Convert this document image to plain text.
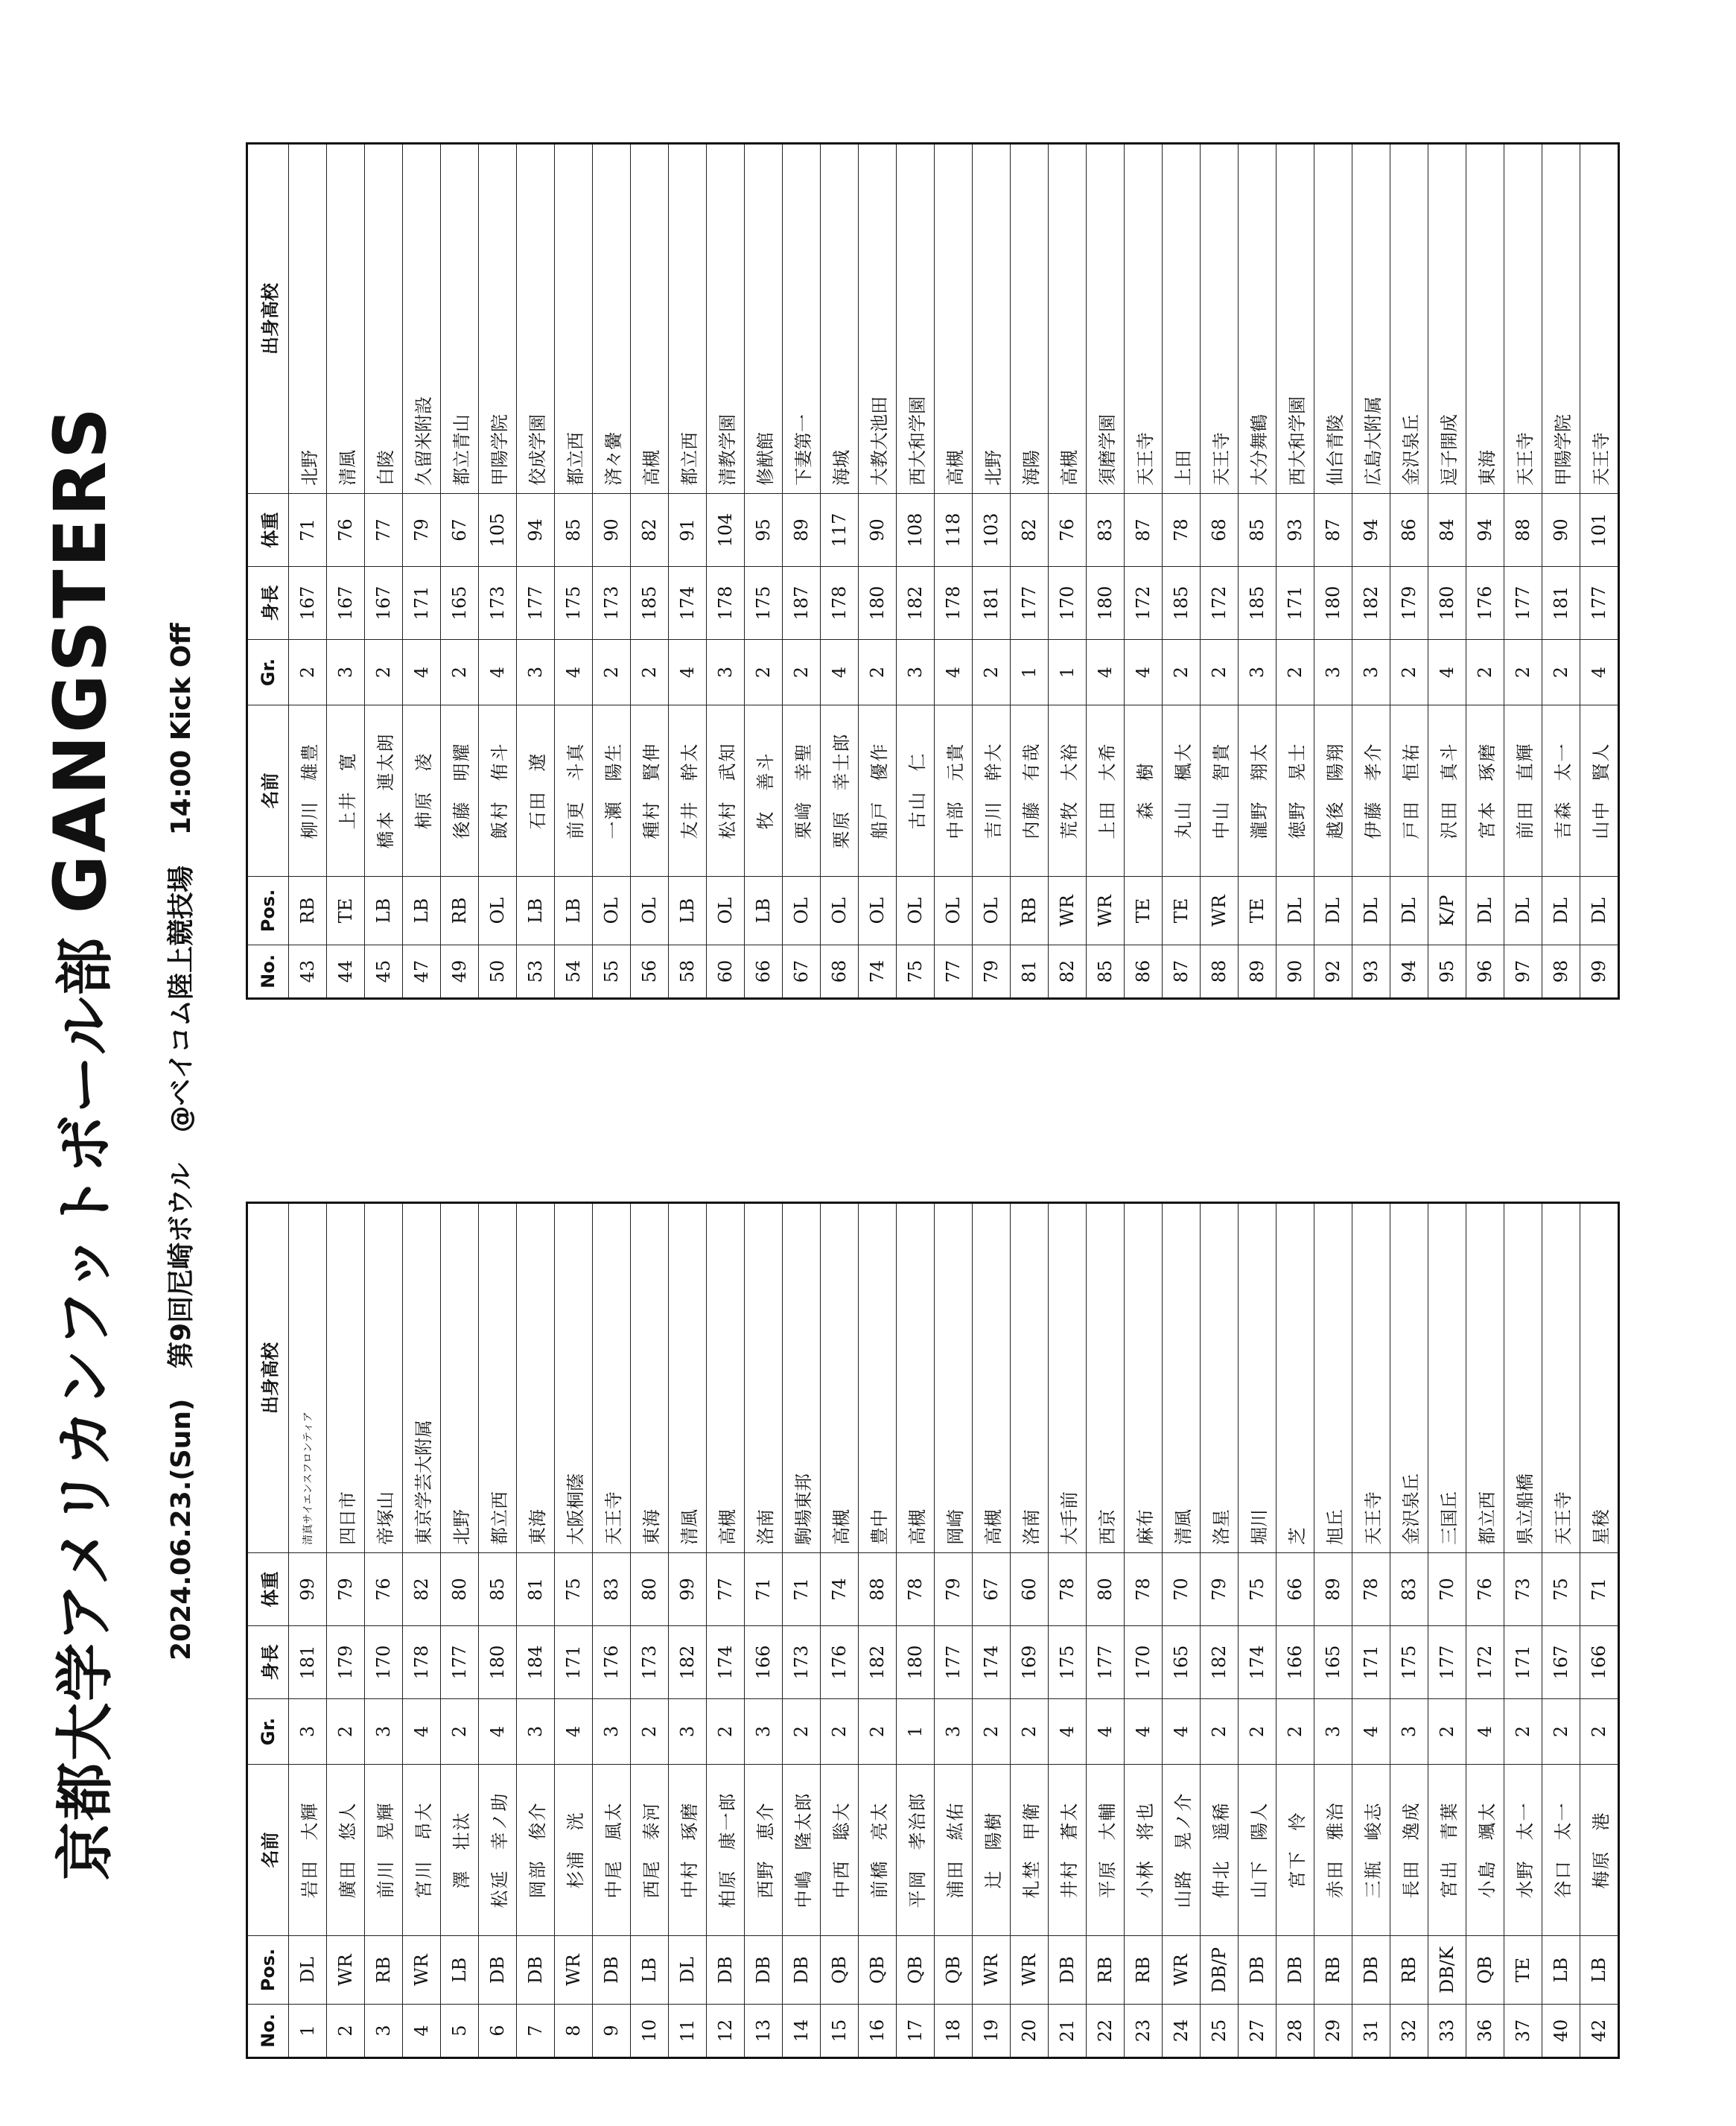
京都大学アメリカンフットボール部GANGSTERS
2024.06.23.(Sun) 第9回尼崎ボウル @ベイコム陸上競技場 14:00 Kick Off
No.	Pos.	名前	Gr.	身長	体重	出身高校
1	DL	岩田　大輝	3	181	99	清真サイエンスフロンティア
2	WR	廣田　悠人	2	179	79	四日市
3	RB	前川　晃輝	3	170	76	帝塚山
4	WR	宮川　昂大	4	178	82	東京学芸大附属
5	LB	澤　壮汰	2	177	80	北野
6	DB	松延　幸ノ助	4	180	85	都立西
7	DB	岡部　俊介	3	184	81	東海
8	WR	杉浦　洸	4	171	75	大阪桐蔭
9	DB	中尾　風太	3	176	83	天王寺
10	LB	西尾　泰河	2	173	80	東海
11	DL	中村　琢磨	3	182	99	清風
12	DB	柏原　康一郎	2	174	77	高槻
13	DB	西野　恵介	3	166	71	洛南
14	DB	中嶋　隆太郎	2	173	71	駒場東邦
15	QB	中西　聡大	2	176	74	高槻
16	QB	前橋　亮太	2	182	88	豊中
17	QB	平岡　孝治郎	1	180	78	高槻
18	QB	浦田　紘佑	3	177	79	岡崎
19	WR	辻　陽樹	2	174	67	高槻
20	WR	札埜　甲衛	2	169	60	洛南
21	DB	井村　蒼太	4	175	78	大手前
22	RB	平原　大輔	4	177	80	西京
23	RB	小林　将也	4	170	78	麻布
24	WR	山路　晃ノ介	4	165	70	清風
25	DB/P	仲北　遥稀	2	182	79	洛星
27	DB	山下　陽人	2	174	75	堀川
28	DB	宮下　怜	2	166	66	芝
29	RB	赤田　雅治	3	165	89	旭丘
31	DB	三瓶　峻志	4	171	78	天王寺
32	RB	長田　逸成	3	175	83	金沢泉丘
33	DB/K	宮出　青葉	2	177	70	三国丘
36	QB	小島　颯太	4	172	76	都立西
37	TE	水野　太一	2	171	73	県立船橋
40	LB	谷口　太一	2	167	75	天王寺
42	LB	梅原　港	2	166	71	星稜
No.	Pos.	名前	Gr.	身長	体重	出身高校
43	RB	柳川　雄豊	2	167	71	北野
44	TE	上井　寛	3	167	76	清風
45	LB	橋本　連太朗	2	167	77	白陵
47	LB	柿原　凌	4	171	79	久留米附設
49	RB	後藤　明耀	2	165	67	都立青山
50	OL	飯村　侑斗	4	173	105	甲陽学院
53	LB	石田　遼	3	177	94	佼成学園
54	LB	前更　斗真	4	175	85	都立西
55	OL	一瀬　陽生	2	173	90	済々黌
56	OL	種村　賢伸	2	185	82	高槻
58	LB	友井　幹太	4	174	91	都立西
60	OL	松村　武知	3	178	104	清教学園
66	LB	牧　善斗	2	175	95	修猷館
67	OL	栗﨑　幸聖	2	187	89	下妻第一
68	OL	栗原　幸士郎	4	178	117	海城
74	OL	船戸　優作	2	180	90	大教大池田
75	OL	古山　仁	3	182	108	西大和学園
77	OL	中部　元貴	4	178	118	高槻
79	OL	吉川　幹大	2	181	103	北野
81	RB	内藤　有哉	1	177	82	海陽
82	WR	荒牧　大裕	1	170	76	高槻
85	WR	上田　大希	4	180	83	須磨学園
86	TE	森　樹	4	172	87	天王寺
87	TE	丸山　楓大	2	185	78	上田
88	WR	中山　智貴	2	172	68	天王寺
89	TE	瀧野　翔太	3	185	85	大分舞鶴
90	DL	徳野　晃士	2	171	93	西大和学園
92	DL	越後　陽翔	3	180	87	仙台青陵
93	DL	伊藤　孝介	3	182	94	広島大附属
94	DL	戸田　恒祐	2	179	86	金沢泉丘
95	K/P	沢田　真斗	4	180	84	逗子開成
96	DL	宮本　琢磨	2	176	94	東海
97	DL	前田　直輝	2	177	88	天王寺
98	DL	吉森　太一	2	181	90	甲陽学院
99	DL	山中　賢人	4	177	101	天王寺
